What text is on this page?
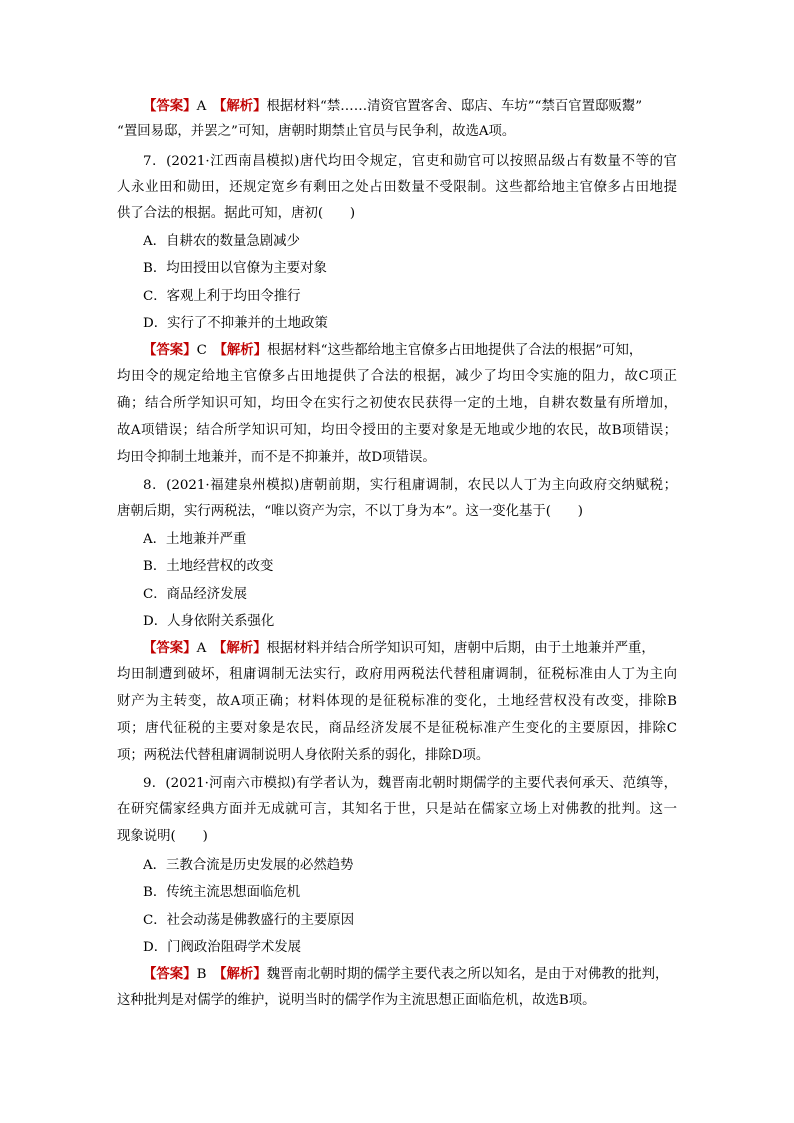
【答案】A　 【解析】根据材料“禁……清资官置客舍、邸店、车坊”“禁百官置邸贩鬻”
“置回易邸，并罢之”可知，唐朝时期禁止官员与民争利，故选A项。
7．(2021·江西南昌模拟)唐代均田令规定，官吏和勋官可以按照品级占有数量不等的官
人永业田和勋田，还规定宽乡有剩田之处占田数量不受限制。这些都给地主官僚多占田地提
供了合法的根据。据此可知，唐初(　　)
A．自耕农的数量急剧减少
B．均田授田以官僚为主要对象
C．客观上利于均田令推行
D．实行了不抑兼并的土地政策
【答案】C　 【解析】根据材料“这些都给地主官僚多占田地提供了合法的根据”可知，
均田令的规定给地主官僚多占田地提供了合法的根据，减少了均田令实施的阻力，故C项正
确；结合所学知识可知，均田令在实行之初使农民获得一定的土地，自耕农数量有所增加，
故A项错误；结合所学知识可知，均田令授田的主要对象是无地或少地的农民，故B项错误；
均田令抑制土地兼并，而不是不抑兼并，故D项错误。
8．(2021·福建泉州模拟)唐朝前期，实行租庸调制，农民以人丁为主向政府交纳赋税；
唐朝后期，实行两税法，“唯以资产为宗，不以丁身为本”。这一变化基于(　　)
A．土地兼并严重
B．土地经营权的改变
C．商品经济发展
D．人身依附关系强化
【答案】A　 【解析】根据材料并结合所学知识可知，唐朝中后期，由于土地兼并严重，
均田制遭到破坏，租庸调制无法实行，政府用两税法代替租庸调制，征税标准由人丁为主向
财产为主转变，故A项正确；材料体现的是征税标准的变化，土地经营权没有改变，排除B
项；唐代征税的主要对象是农民，商品经济发展不是征税标准产生变化的主要原因，排除C
项；两税法代替租庸调制说明人身依附关系的弱化，排除D项。
9．(2021·河南六市模拟)有学者认为，魏晋南北朝时期儒学的主要代表何承天、范缜等，
在研究儒家经典方面并无成就可言，其知名于世，只是站在儒家立场上对佛教的批判。这一
现象说明(　　)
A．三教合流是历史发展的必然趋势
B．传统主流思想面临危机
C．社会动荡是佛教盛行的主要原因
D．门阀政治阻碍学术发展
【答案】B　 【解析】魏晋南北朝时期的儒学主要代表之所以知名，是由于对佛教的批判，
这种批判是对儒学的维护，说明当时的儒学作为主流思想正面临危机，故选B项。
